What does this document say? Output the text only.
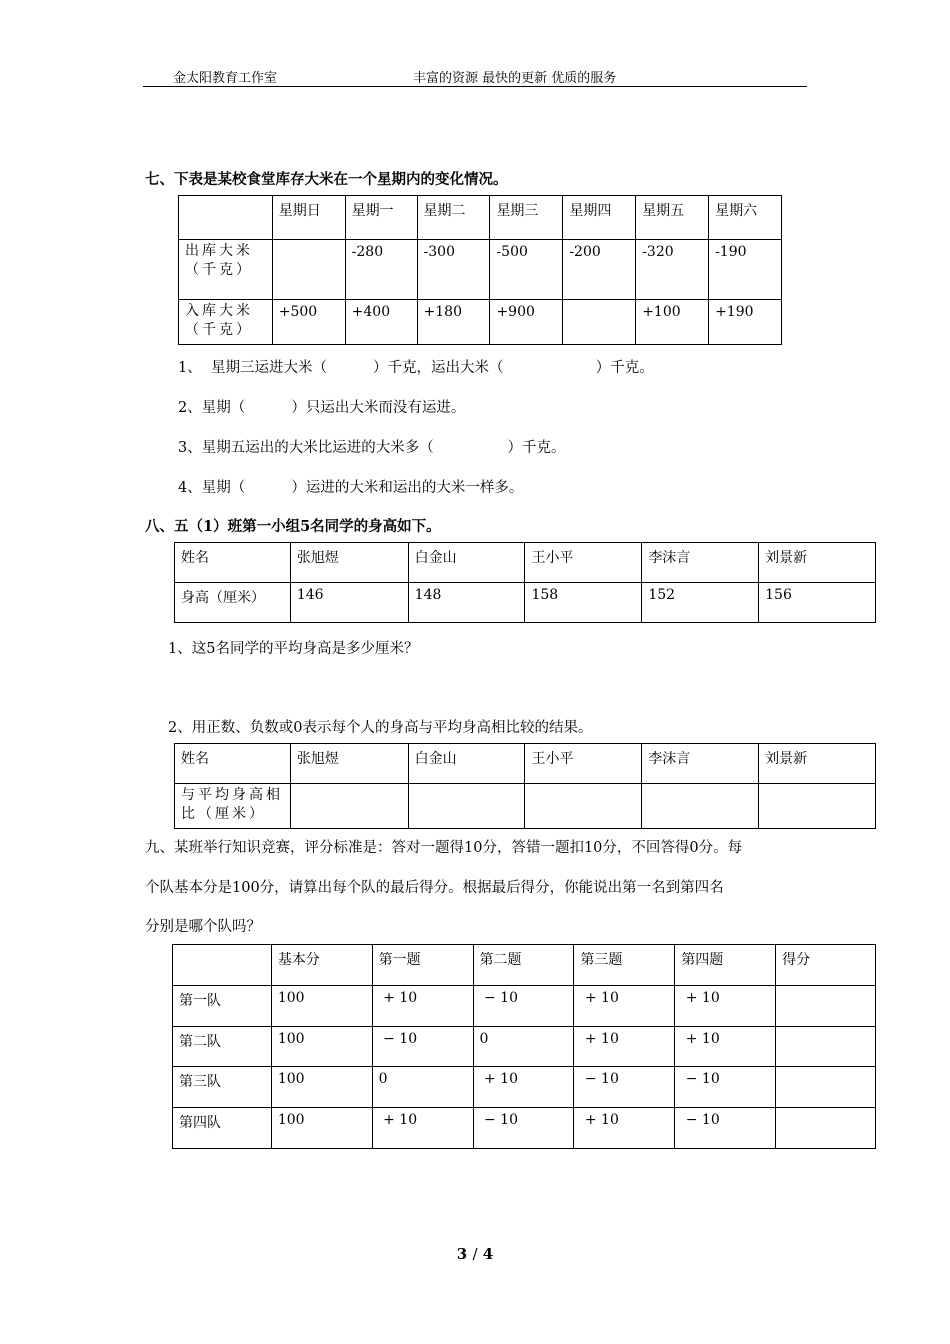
金太阳教育工作室	丰富的资源 最快的更新 优质的服务
七、下表是某校食堂库存大米在一个星期内的变化情况。
	星期日	星期一	星期二	星期三	星期四	星期五	星期六
出库大米（千克）		-280	-300	-500	-200	-320	-190
入库大米（千克）	+500	+400	+180	+900		+100	+190
1、  星期三运进大米（          ）千克，运出大米（                    ）千克。
2、星期（          ）只运出大米而没有运进。
3、星期五运出的大米比运进的大米多（                ）千克。
4、星期（          ）运进的大米和运出的大米一样多。
八、五（1）班第一小组5名同学的身高如下。
姓名	张旭煜	白金山	王小平	李沫言	刘景新
身高（厘米）	146	148	158	152	156
1、这5名同学的平均身高是多少厘米？
2、用正数、负数或0表示每个人的身高与平均身高相比较的结果。
姓名	张旭煜	白金山	王小平	李沫言	刘景新
与平均身高相比（厘米）					
九、某班举行知识竞赛，评分标准是：答对一题得10分，答错一题扣10分，不回答得0分。每
个队基本分是100分，请算出每个队的最后得分。根据最后得分，你能说出第一名到第四名
分别是哪个队吗？
	基本分	第一题	第二题	第三题	第四题	得分
第一队	100	+ 10	− 10	+ 10	+ 10	
第二队	100	− 10	0	+ 10	+ 10	
第三队	100	0	+ 10	− 10	− 10	
第四队	100	+ 10	− 10	+ 10	− 10	
3 / 4
